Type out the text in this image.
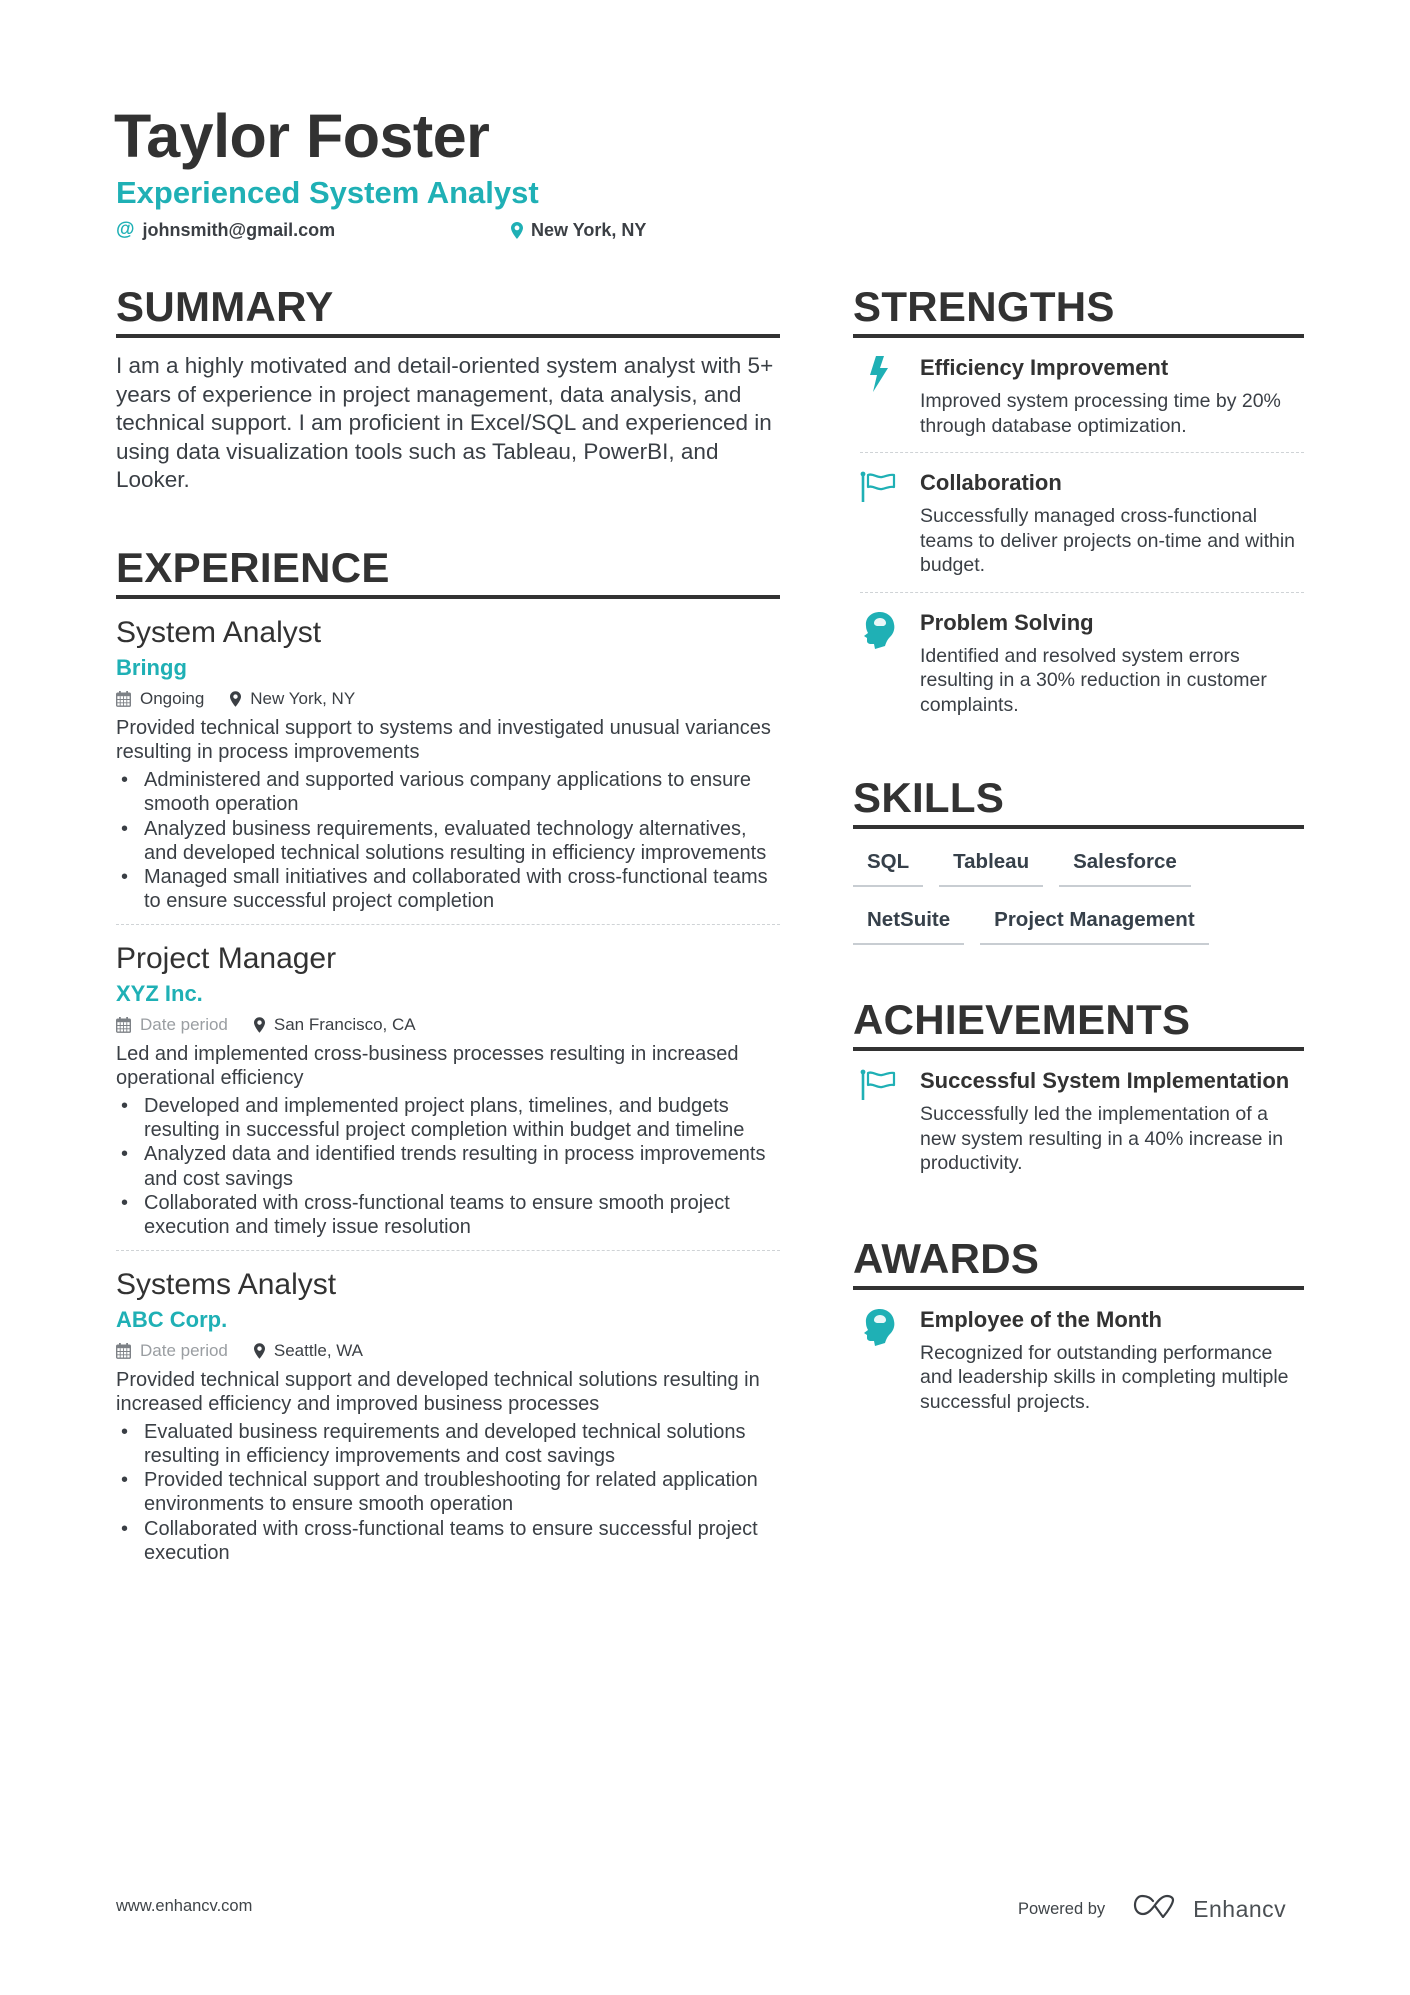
Taylor Foster
Experienced System Analyst
@ johnsmith@gmail.com	New York, NY
SUMMARY

I am a highly motivated and detail-oriented system analyst with 5+ years of experience in project management, data analysis, and technical support. I am proficient in Excel/SQL and experienced in using data visualization tools such as Tableau, PowerBI, and Looker.

EXPERIENCE
System Analyst
Bringg
Ongoing	New York, NY

Provided technical support to systems and investigated unusual variances resulting in process improvements

• Administered and supported various company applications to ensure smooth operation
• Analyzed business requirements, evaluated technology alternatives, and developed technical solutions resulting in efficiency improvements
• Managed small initiatives and collaborated with cross-functional teams to ensure successful project completion
Project Manager
XYZ Inc.
Date period	San Francisco, CA

Led and implemented cross-business processes resulting in increased operational efficiency

• Developed and implemented project plans, timelines, and budgets resulting in successful project completion within budget and timeline
• Analyzed data and identified trends resulting in process improvements and cost savings
• Collaborated with cross-functional teams to ensure smooth project execution and timely issue resolution
Systems Analyst
ABC Corp.
Date period	Seattle, WA

Provided technical support and developed technical solutions resulting in increased efficiency and improved business processes

• Evaluated business requirements and developed technical solutions resulting in efficiency improvements and cost savings
• Provided technical support and troubleshooting for related application environments to ensure smooth operation
• Collaborated with cross-functional teams to ensure successful project execution
STRENGTHS
Efficiency Improvement
Improved system processing time by 20% through database optimization.
Collaboration
Successfully managed cross-functional teams to deliver projects on-time and within budget.
Problem Solving
Identified and resolved system errors resulting in a 30% reduction in customer complaints.
SKILLS
SQL	Tableau	Salesforce
NetSuite	Project Management
ACHIEVEMENTS
Successful System Implementation
Successfully led the implementation of a new system resulting in a 40% increase in productivity.
AWARDS
Employee of the Month
Recognized for outstanding performance and leadership skills in completing multiple successful projects.
www.enhancv.com	Powered by	Enhancv
